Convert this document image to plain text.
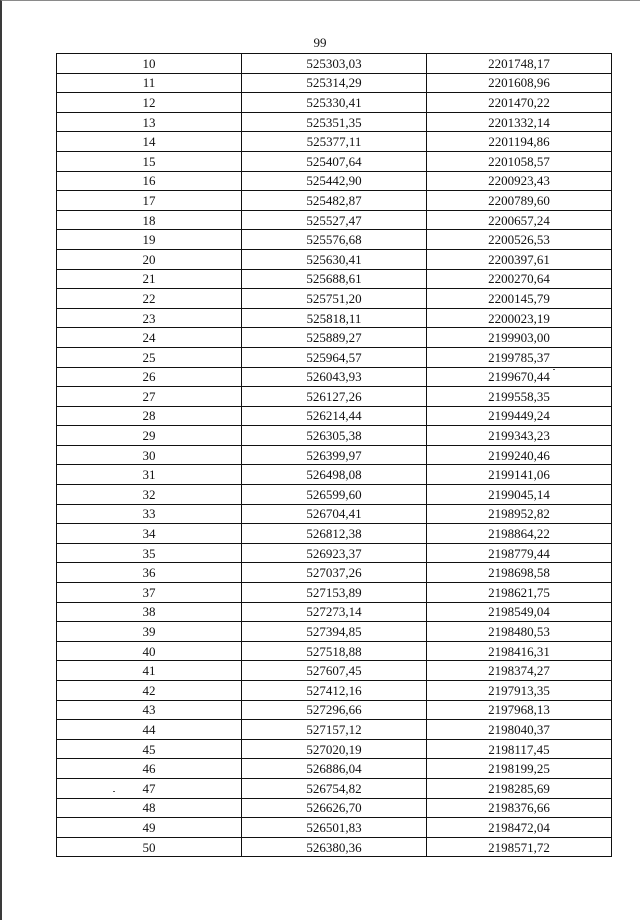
99
10	525303,03	2201748,17
11	525314,29	2201608,96
12	525330,41	2201470,22
13	525351,35	2201332,14
14	525377,11	2201194,86
15	525407,64	2201058,57
16	525442,90	2200923,43
17	525482,87	2200789,60
18	525527,47	2200657,24
19	525576,68	2200526,53
20	525630,41	2200397,61
21	525688,61	2200270,64
22	525751,20	2200145,79
23	525818,11	2200023,19
24	525889,27	2199903,00
25	525964,57	2199785,37
26	526043,93	2199670,44
27	526127,26	2199558,35
28	526214,44	2199449,24
29	526305,38	2199343,23
30	526399,97	2199240,46
31	526498,08	2199141,06
32	526599,60	2199045,14
33	526704,41	2198952,82
34	526812,38	2198864,22
35	526923,37	2198779,44
36	527037,26	2198698,58
37	527153,89	2198621,75
38	527273,14	2198549,04
39	527394,85	2198480,53
40	527518,88	2198416,31
41	527607,45	2198374,27
42	527412,16	2197913,35
43	527296,66	2197968,13
44	527157,12	2198040,37
45	527020,19	2198117,45
46	526886,04	2198199,25
47	526754,82	2198285,69
48	526626,70	2198376,66
49	526501,83	2198472,04
50	526380,36	2198571,72
